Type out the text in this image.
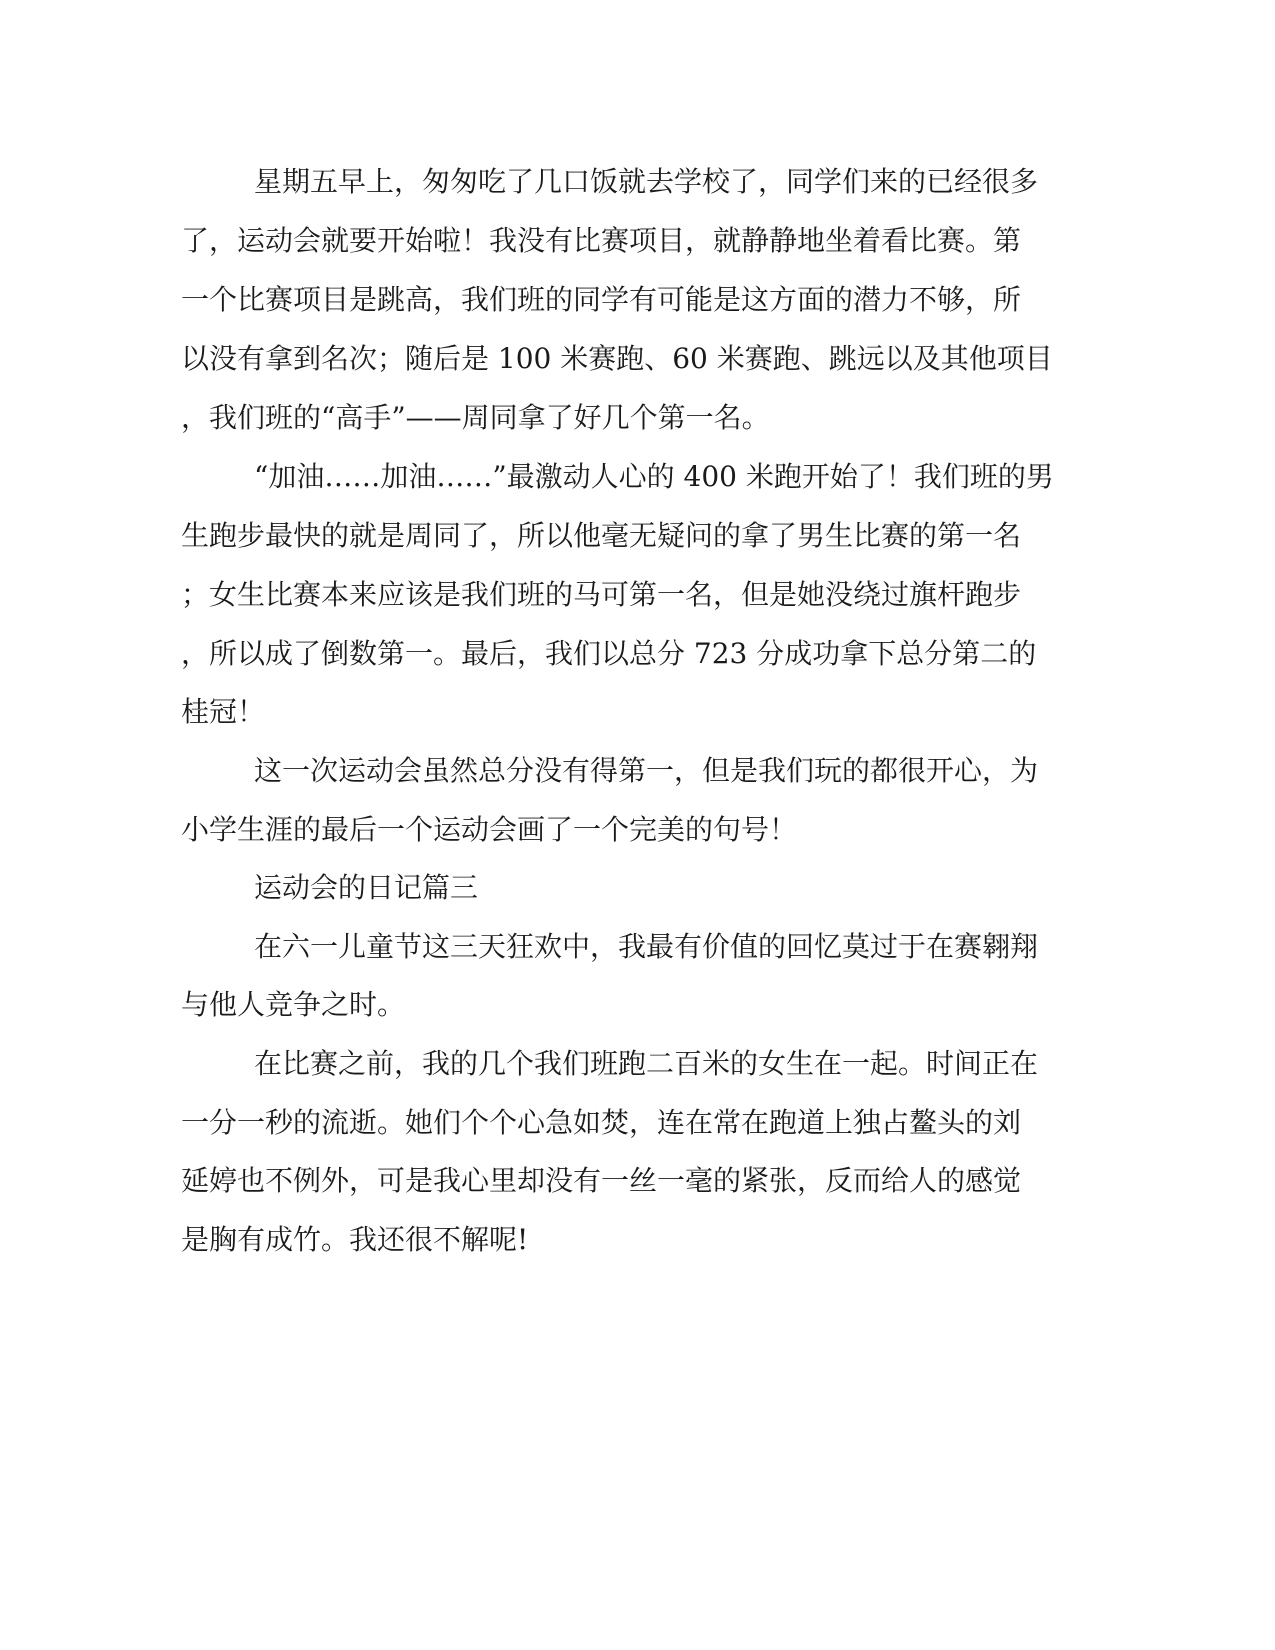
星期五早上，匆匆吃了几口饭就去学校了，同学们来的已经很多
了，运动会就要开始啦！我没有比赛项目，就静静地坐着看比赛。第
一个比赛项目是跳高，我们班的同学有可能是这方面的潜力不够，所
以没有拿到名次；随后是 100 米赛跑、60 米赛跑、跳远以及其他项目
，我们班的“高手”——周同拿了好几个第一名。
“加油……加油……”最激动人心的 400 米跑开始了！我们班的男
生跑步最快的就是周同了，所以他毫无疑问的拿了男生比赛的第一名
；女生比赛本来应该是我们班的马可第一名，但是她没绕过旗杆跑步
，所以成了倒数第一。最后，我们以总分 723 分成功拿下总分第二的
桂冠！
这一次运动会虽然总分没有得第一，但是我们玩的都很开心，为
小学生涯的最后一个运动会画了一个完美的句号！
运动会的日记篇三
在六一儿童节这三天狂欢中，我最有价值的回忆莫过于在赛翱翔
与他人竞争之时。
在比赛之前，我的几个我们班跑二百米的女生在一起。时间正在
一分一秒的流逝。她们个个心急如焚，连在常在跑道上独占鳌头的刘
延婷也不例外，可是我心里却没有一丝一毫的紧张，反而给人的感觉
是胸有成竹。我还很不解呢!
